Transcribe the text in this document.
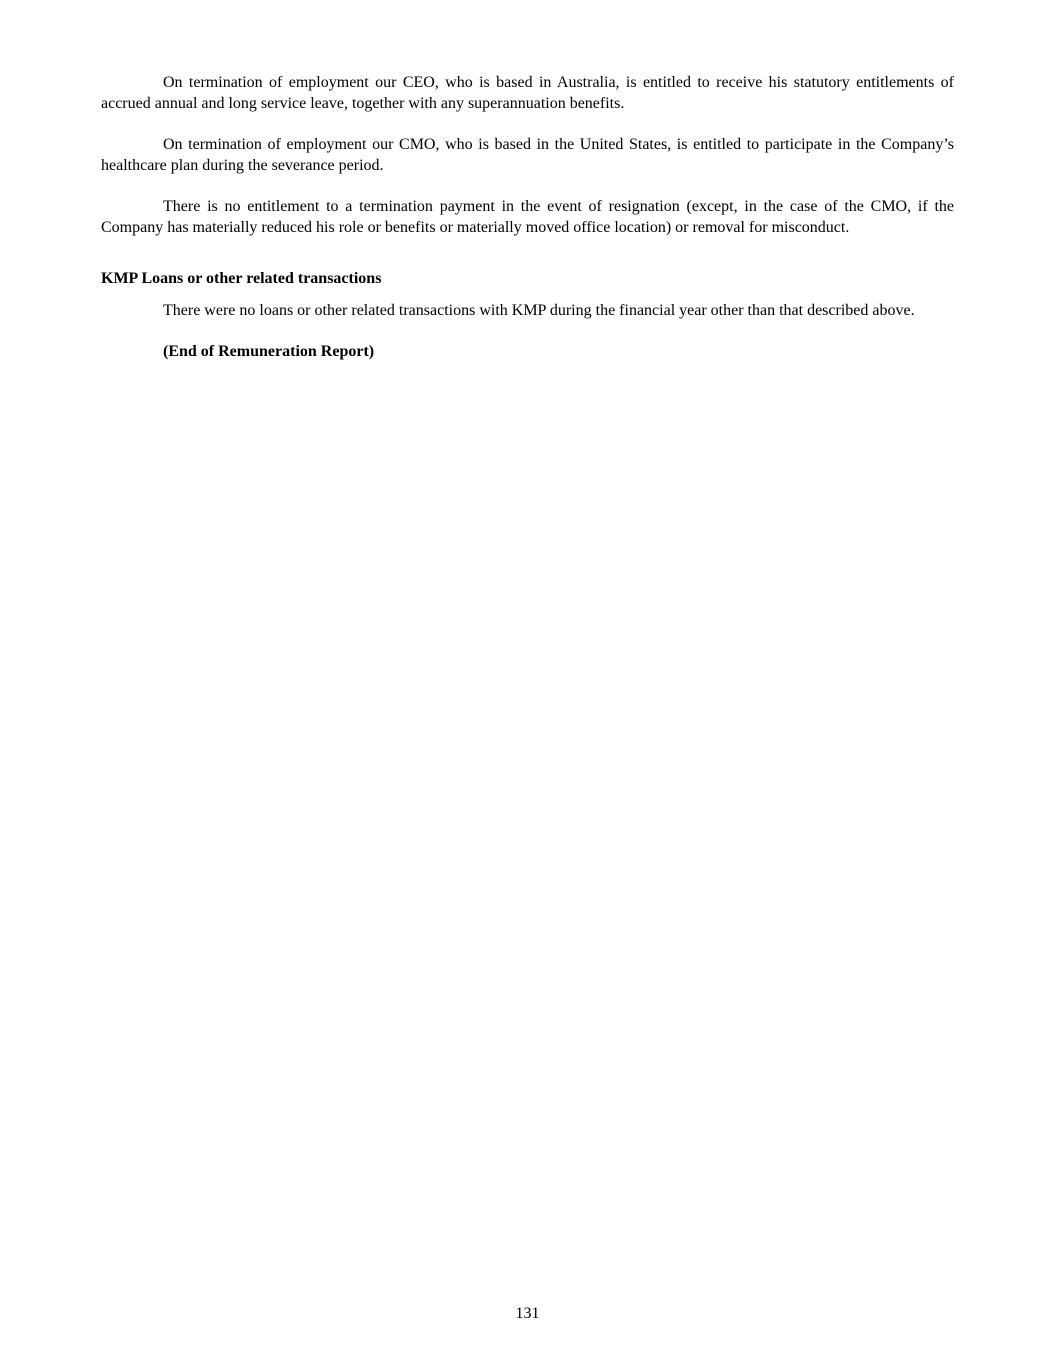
On termination of employment our CEO, who is based in Australia, is entitled to receive his statutory entitlements of accrued annual and long service leave, together with any superannuation benefits.

On termination of employment our CMO, who is based in the United States, is entitled to participate in the Company’s healthcare plan during the severance period.

There is no entitlement to a termination payment in the event of resignation (except, in the case of the CMO, if the Company has materially reduced his role or benefits or materially moved office location) or removal for misconduct.

KMP Loans or other related transactions

There were no loans or other related transactions with KMP during the financial year other than that described above.

(End of Remuneration Report)

131
